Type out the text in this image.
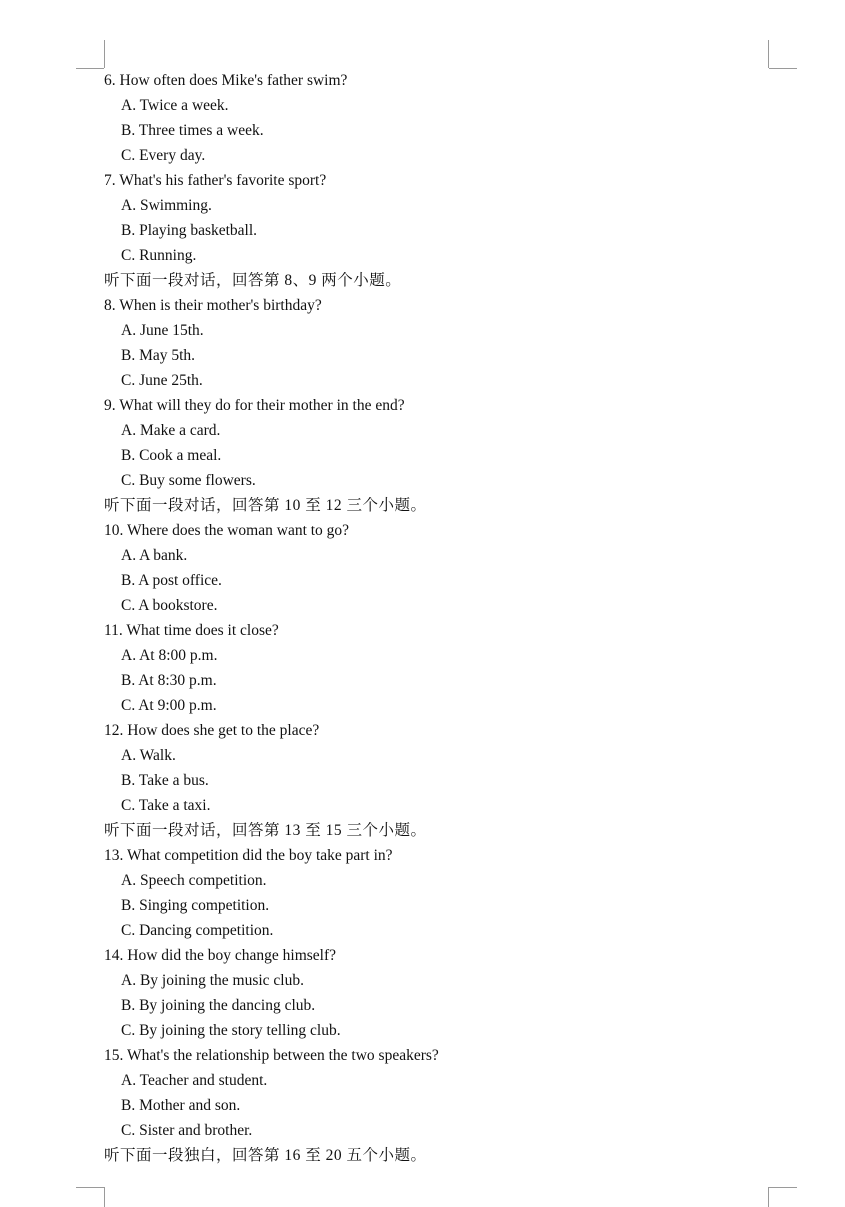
6. How often does Mike's father swim?
A. Twice a week.
B. Three times a week.
C. Every day.
7. What's his father's favorite sport?
A. Swimming.
B. Playing basketball.
C. Running.
听下面一段对话，回答第 8、9 两个小题。
8. When is their mother's birthday?
A. June 15th.
B. May 5th.
C. June 25th.
9. What will they do for their mother in the end?
A. Make a card.
B. Cook a meal.
C. Buy some flowers.
听下面一段对话，回答第 10 至 12 三个小题。
10. Where does the woman want to go?
A. A bank.
B. A post office.
C. A bookstore.
11. What time does it close?
A. At 8:00 p.m.
B. At 8:30 p.m.
C. At 9:00 p.m.
12. How does she get to the place?
A. Walk.
B. Take a bus.
C. Take a taxi.
听下面一段对话，回答第 13 至 15 三个小题。
13. What competition did the boy take part in?
A. Speech competition.
B. Singing competition.
C. Dancing competition.
14. How did the boy change himself?
A. By joining the music club.
B. By joining the dancing club.
C. By joining the story telling club.
15. What's the relationship between the two speakers?
A. Teacher and student.
B. Mother and son.
C. Sister and brother.
听下面一段独白，回答第 16 至 20 五个小题。
